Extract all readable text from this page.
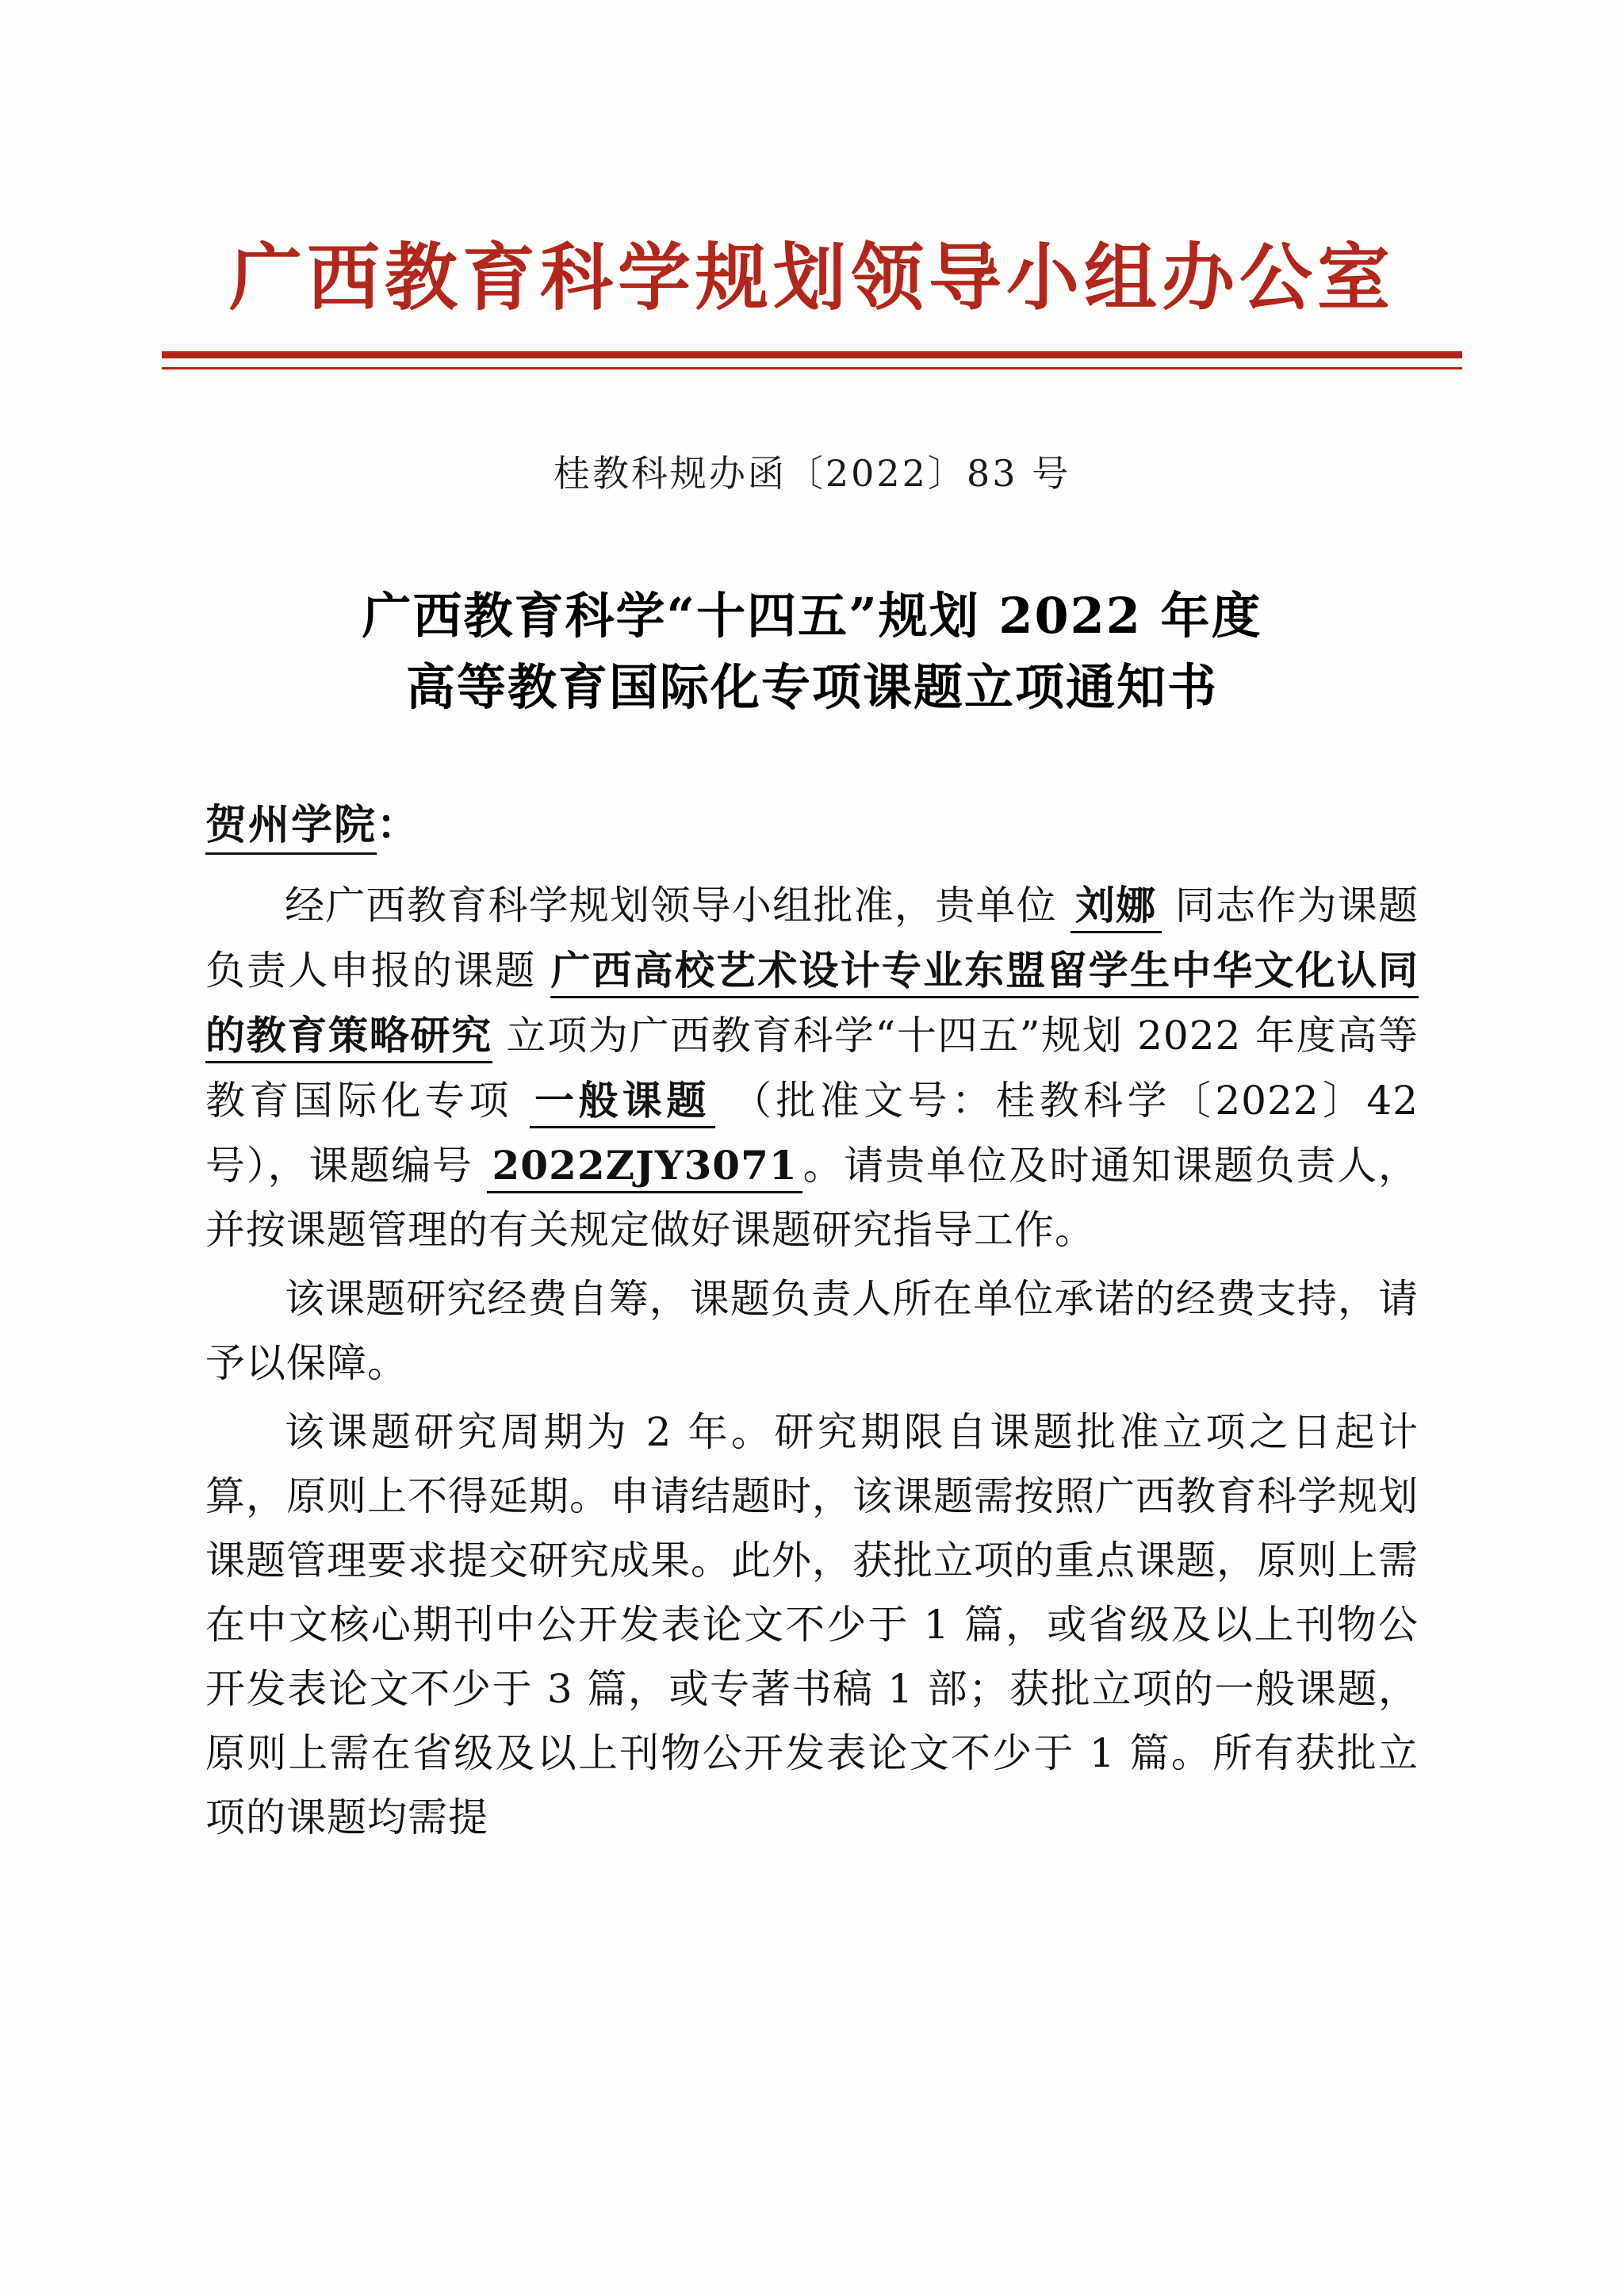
广西教育科学规划领导小组办公室
桂教科规办函〔2022〕83 号
广西教育科学“十四五”规划 2022 年度
高等教育国际化专项课题立项通知书
贺州学院：

经广西教育科学规划领导小组批准，贵单位 刘娜 同志作为课题负责人申报的课题 广西高校艺术设计专业东盟留学生中华文化认同的教育策略研究 立项为广西教育科学“十四五”规划 2022 年度高等教育国际化专项 一般课题 （批准文号：桂教科学〔2022〕42 号），课题编号 2022ZJY3071 。请贵单位及时通知课题负责人，并按课题管理的有关规定做好课题研究指导工作。

该课题研究经费自筹，课题负责人所在单位承诺的经费支持，请予以保障。

该课题研究周期为 2 年。研究期限自课题批准立项之日起计算，原则上不得延期。申请结题时，该课题需按照广西教育科学规划课题管理要求提交研究成果。此外，获批立项的重点课题，原则上需在中文核心期刊中公开发表论文不少于 1 篇，或省级及以上刊物公开发表论文不少于 3 篇，或专著书稿 1 部；获批立项的一般课题，原则上需在省级及以上刊物公开发表论文不少于 1 篇。所有获批立项的课题均需提
